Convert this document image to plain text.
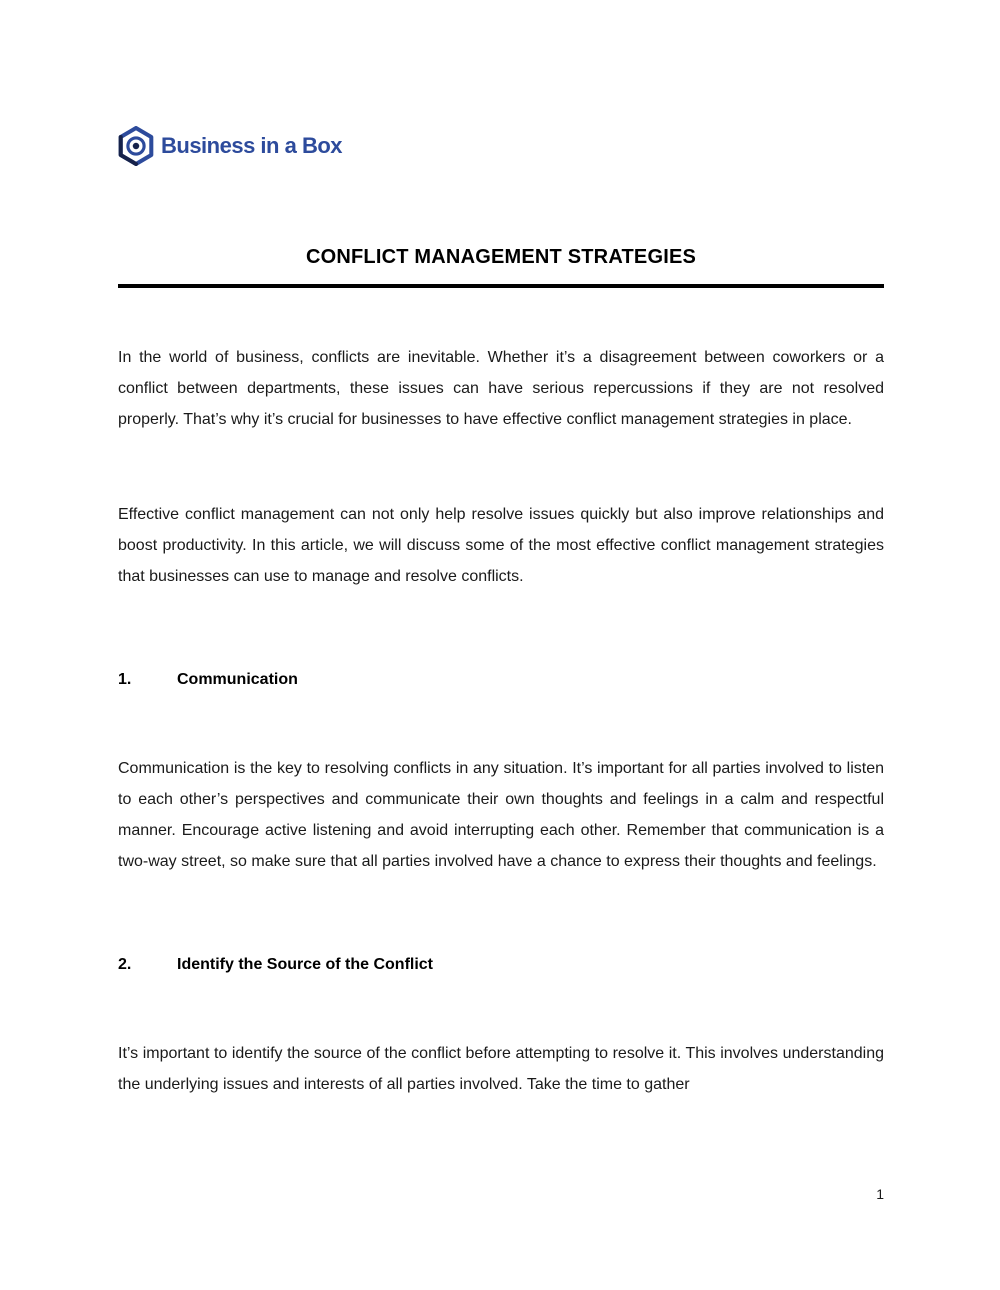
Business in a Box
CONFLICT MANAGEMENT STRATEGIES

In the world of business, conflicts are inevitable. Whether it’s a disagreement between coworkers or a conflict between departments, these issues can have serious repercussions if they are not resolved properly. That’s why it’s crucial for businesses to have effective conflict management strategies in place.

Effective conflict management can not only help resolve issues quickly but also improve relationships and boost productivity. In this article, we will discuss some of the most effective conflict management strategies that businesses can use to manage and resolve conflicts.

1.	Communication

Communication is the key to resolving conflicts in any situation. It’s important for all parties involved to listen to each other’s perspectives and communicate their own thoughts and feelings in a calm and respectful manner. Encourage active listening and avoid interrupting each other. Remember that communication is a two-way street, so make sure that all parties involved have a chance to express their thoughts and feelings.

2.	Identify the Source of the Conflict

It’s important to identify the source of the conflict before attempting to resolve it. This involves understanding the underlying issues and interests of all parties involved. Take the time to gather

1
